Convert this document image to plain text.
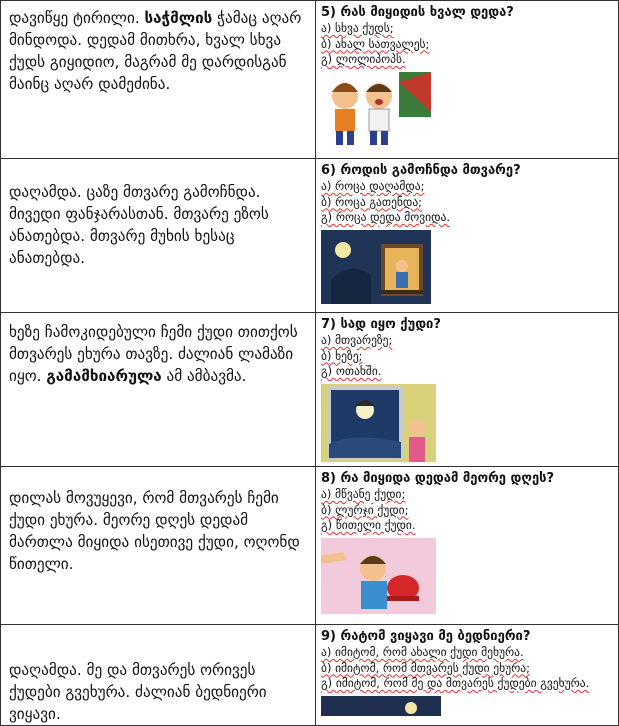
დავიწყე ტირილი. საჭმლის ჭამაც აღარ მინდოდა. დედამ მითხრა, ხვალ სხვა ქუდს გიყიდიო, მაგრამ მე დარდისგან მაინც აღარ დამეძინა.	5) რას მიყიდის ხვალ დედა?
ა) სხვა ქუდს;
ბ) ახალ სათვალეს;
გ) ლოლიპოპს.

დაღამდა. ცაზე მთვარე გამოჩნდა. მივედი ფანჯარასთან. მთვარე ეზოს ანათებდა. მთვარე მუხის ხესაც ანათებდა.	6) როდის გამოჩნდა მთვარე?
ა) როცა დაღამდა;
ბ) როცა გათენდა;
გ) როცა დედა მოვიდა.

ხეზე ჩამოკიდებული ჩემი ქუდი თითქოს მთვარეს ეხურა თავზე. ძალიან ლამაზი იყო. გამამხიარულა ამ ამბავმა.	7) სად იყო ქუდი?
ა) მთვარეზე;
ბ) ხეზე;
გ) ოთახში.

დილას მოვუყევი, რომ მთვარეს ჩემი ქუდი ეხურა. მეორე დღეს დედამ მართლა მიყიდა ისეთივე ქუდი, ოღონდ წითელი.	8) რა მიყიდა დედამ მეორე დღეს?
ა) მწვანე ქუდი;
ბ) ლურჯი ქუდი;
გ) წითელი ქუდი.

დაღამდა. მე და მთვარეს ორივეს ქუდები გვეხურა. ძალიან ბედნიერი ვიყავი.	9) რატომ ვიყავი მე ბედნიერი?
ა) იმიტომ, რომ ახალი ქუდი მეხურა.
ბ) იმიტომ, რომ მთვარეს ქუდი ეხურა;
გ) იმიტომ, რომ მე და მთვარეს ქუდები გვეხურა.
